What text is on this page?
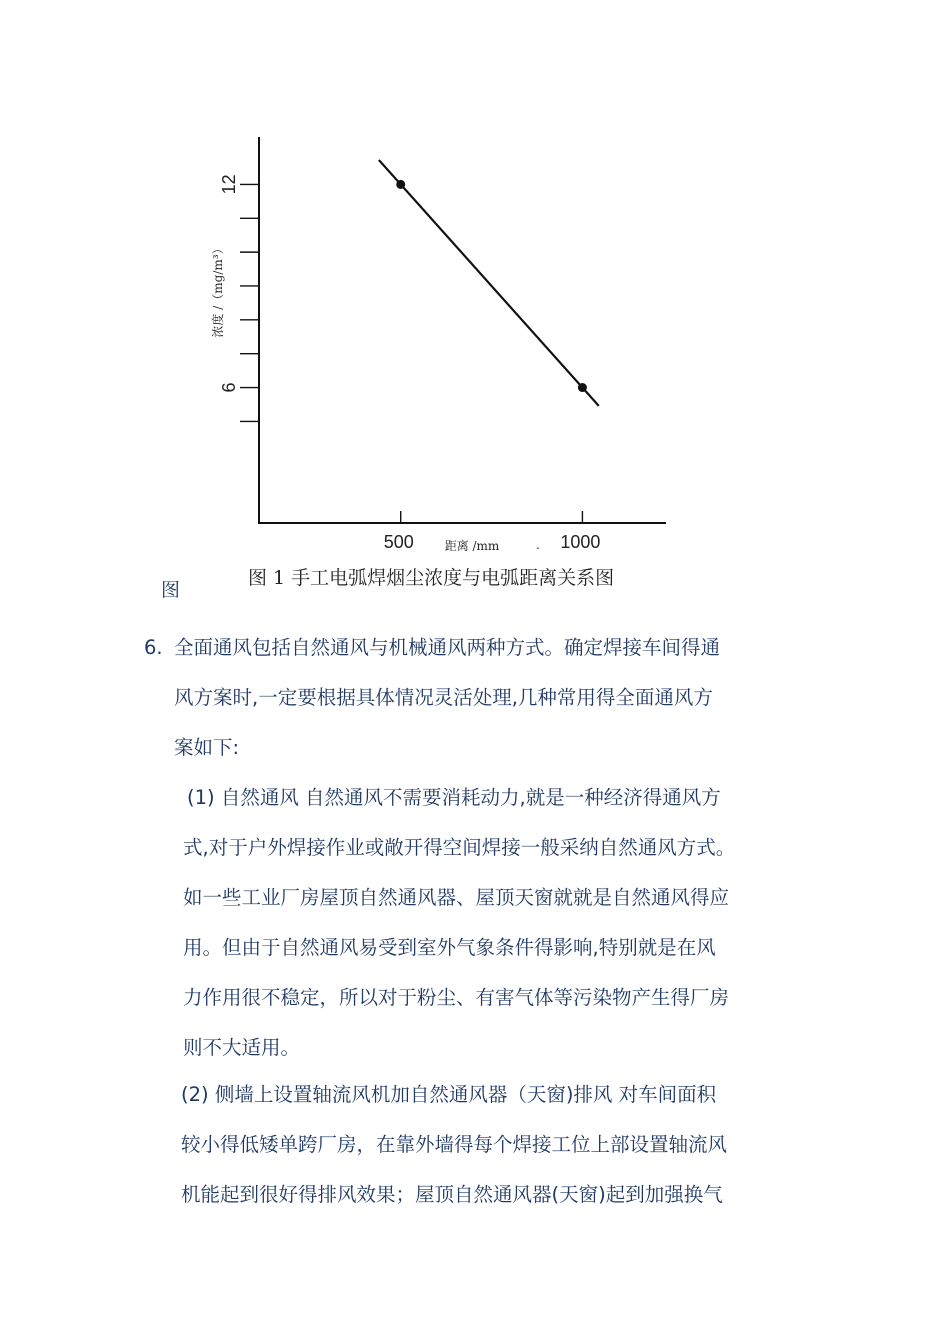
12
6
500	1000
浓度 /（mg/m³）
距离 /mm	.
图 1 手工电弧焊烟尘浓度与电弧距离关系图
图
6. 全面通风包括自然通风与机械通风两种方式。确定焊接车间得通
风方案时,一定要根据具体情况灵活处理,几种常用得全面通风方
案如下:
(1) 自然通风 自然通风不需要消耗动力,就是一种经济得通风方
式,对于户外焊接作业或敞开得空间焊接一般采纳自然通风方式。
如一些工业厂房屋顶自然通风器、屋顶天窗就就是自然通风得应
用。但由于自然通风易受到室外气象条件得影响,特别就是在风
力作用很不稳定，所以对于粉尘、有害气体等污染物产生得厂房
则不大适用。
(2) 侧墙上设置轴流风机加自然通风器（天窗)排风 对车间面积
较小得低矮单跨厂房，在靠外墙得每个焊接工位上部设置轴流风
机能起到很好得排风效果；屋顶自然通风器(天窗)起到加强换气
